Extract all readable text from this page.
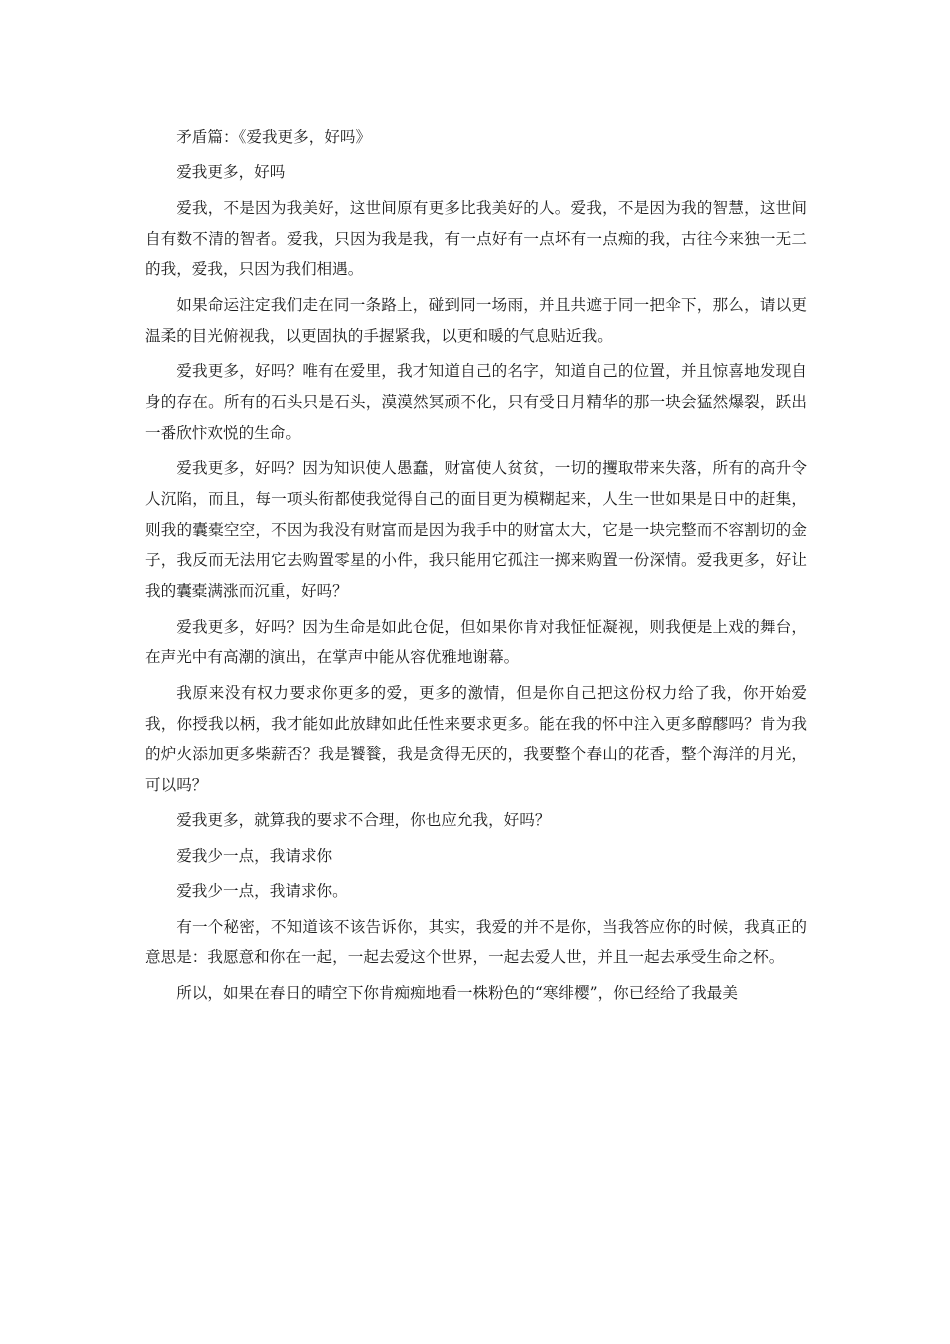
矛盾篇：《爱我更多，好吗》

爱我更多，好吗

爱我，不是因为我美好，这世间原有更多比我美好的人。爱我，不是因为我的智慧，这世间自有数不清的智者。爱我，只因为我是我，有一点好有一点坏有一点痴的我，古往今来独一无二的我，爱我，只因为我们相遇。

如果命运注定我们走在同一条路上，碰到同一场雨，并且共遮于同一把伞下，那么，请以更温柔的目光俯视我，以更固执的手握紧我，以更和暖的气息贴近我。

爱我更多，好吗？唯有在爱里，我才知道自己的名字，知道自己的位置，并且惊喜地发现自身的存在。所有的石头只是石头，漠漠然冥顽不化，只有受日月精华的那一块会猛然爆裂，跃出一番欣忭欢悦的生命。

爱我更多，好吗？因为知识使人愚蠢，财富使人贫贫，一切的攫取带来失落，所有的高升令人沉陷，而且，每一项头衔都使我觉得自己的面目更为模糊起来，人生一世如果是日中的赶集，则我的囊橐空空，不因为我没有财富而是因为我手中的财富太大，它是一块完整而不容割切的金子，我反而无法用它去购置零星的小件，我只能用它孤注一掷来购置一份深情。爱我更多，好让我的囊橐满涨而沉重，好吗？

爱我更多，好吗？因为生命是如此仓促，但如果你肯对我怔怔凝视，则我便是上戏的舞台，在声光中有高潮的演出，在掌声中能从容优雅地谢幕。

我原来没有权力要求你更多的爱，更多的激情，但是你自己把这份权力给了我，你开始爱我，你授我以柄，我才能如此放肆如此任性来要求更多。能在我的怀中注入更多醇醪吗？肯为我的炉火添加更多柴薪否？我是饕餮，我是贪得无厌的，我要整个春山的花香，整个海洋的月光，可以吗？

爱我更多，就算我的要求不合理，你也应允我，好吗？

爱我少一点，我请求你

爱我少一点，我请求你。

有一个秘密，不知道该不该告诉你，其实，我爱的并不是你，当我答应你的时候，我真正的意思是：我愿意和你在一起，一起去爱这个世界，一起去爱人世，并且一起去承受生命之杯。

所以，如果在春日的晴空下你肯痴痴地看一株粉色的“寒绯樱”，你已经给了我最美
